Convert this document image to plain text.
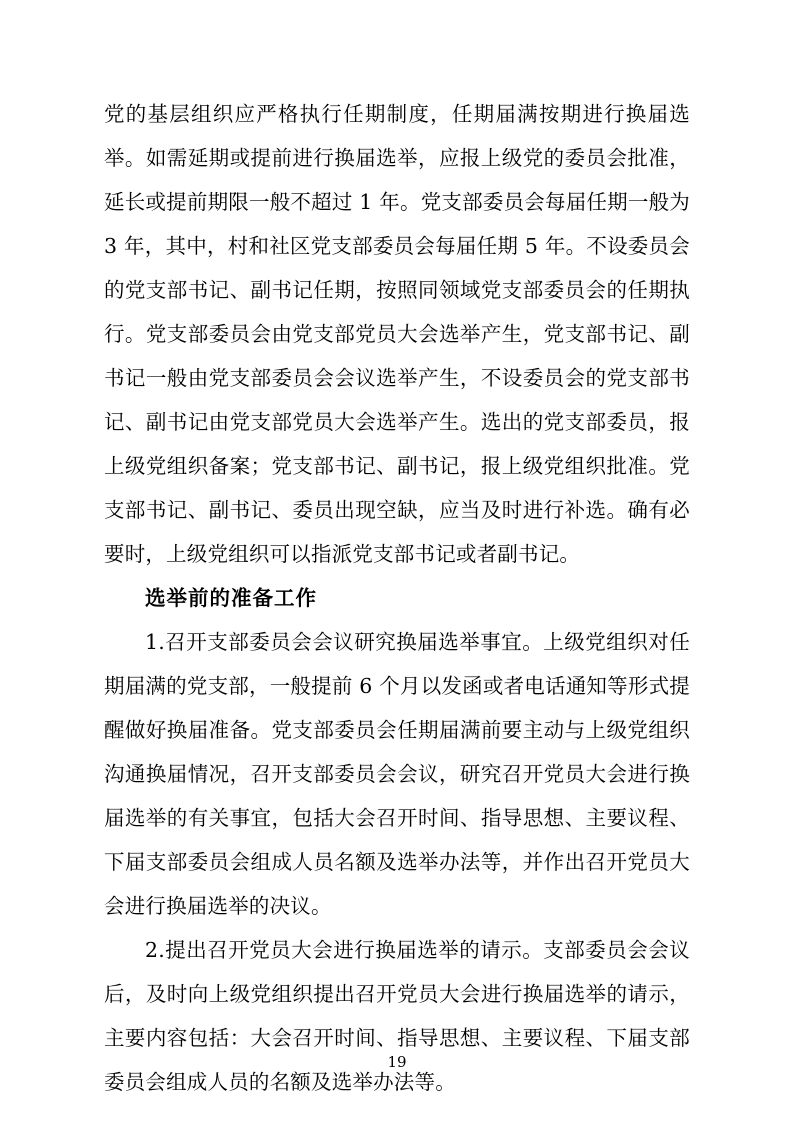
党的基层组织应严格执行任期制度，任期届满按期进行换届选举。如需延期或提前进行换届选举，应报上级党的委员会批准，延长或提前期限一般不超过 1 年。党支部委员会每届任期一般为 3 年，其中，村和社区党支部委员会每届任期 5 年。不设委员会的党支部书记、副书记任期，按照同领域党支部委员会的任期执行。党支部委员会由党支部党员大会选举产生，党支部书记、副书记一般由党支部委员会会议选举产生，不设委员会的党支部书记、副书记由党支部党员大会选举产生。选出的党支部委员，报上级党组织备案；党支部书记、副书记，报上级党组织批准。党支部书记、副书记、委员出现空缺，应当及时进行补选。确有必要时，上级党组织可以指派党支部书记或者副书记。

选举前的准备工作

1.召开支部委员会会议研究换届选举事宜。上级党组织对任期届满的党支部，一般提前 6 个月以发函或者电话通知等形式提醒做好换届准备。党支部委员会任期届满前要主动与上级党组织沟通换届情况，召开支部委员会会议，研究召开党员大会进行换届选举的有关事宜，包括大会召开时间、指导思想、主要议程、下届支部委员会组成人员名额及选举办法等，并作出召开党员大会进行换届选举的决议。

2.提出召开党员大会进行换届选举的请示。支部委员会会议后，及时向上级党组织提出召开党员大会进行换届选举的请示，主要内容包括：大会召开时间、指导思想、主要议程、下届支部委员会组成人员的名额及选举办法等。

19
